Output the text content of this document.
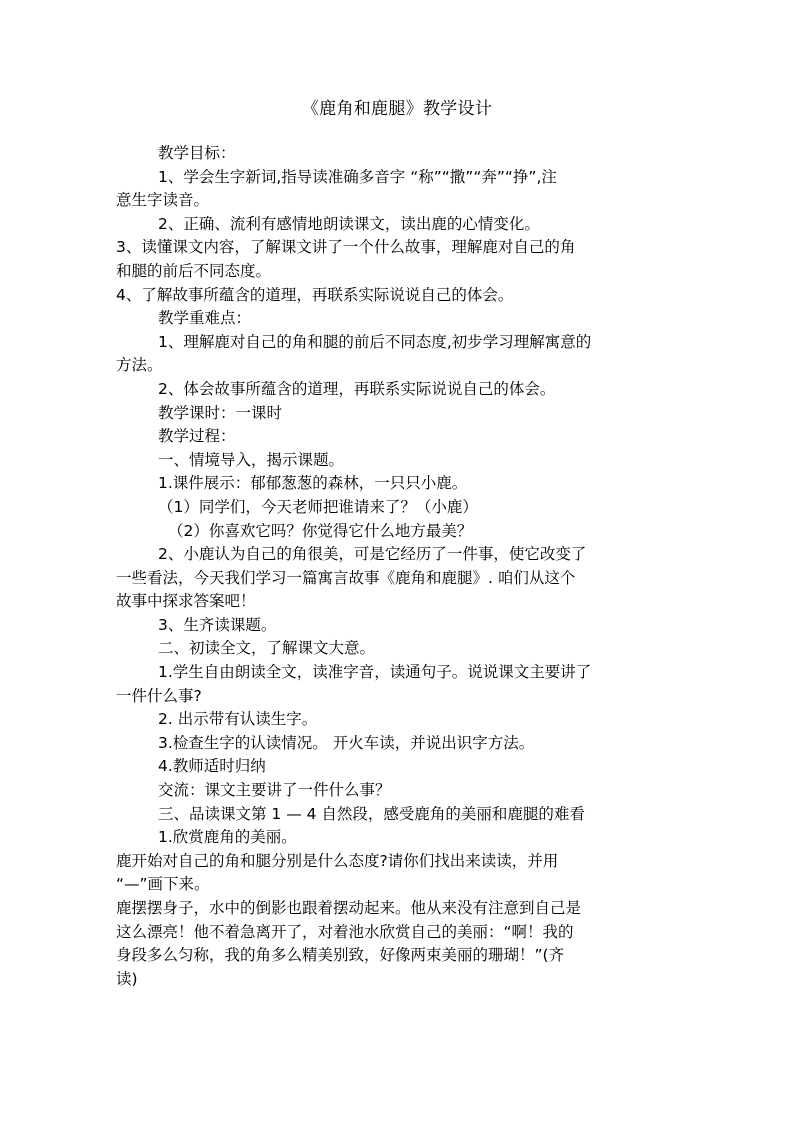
《鹿角和鹿腿》教学设计

教学目标：

1、学会生字新词,指导读准确多音字 “称”“撒”“奔”“挣”,注

意生字读音。

2、正确、流利有感情地朗读课文，读出鹿的心情变化。

3、读懂课文内容，了解课文讲了一个什么故事，理解鹿对自己的角

和腿的前后不同态度。

4、了解故事所蕴含的道理，再联系实际说说自己的体会。

教学重难点：

1、理解鹿对自己的角和腿的前后不同态度,初步学习理解寓意的

方法。

2、体会故事所蕴含的道理，再联系实际说说自己的体会。

教学课时：一课时

教学过程：

一、情境导入，揭示课题。

1.课件展示：郁郁葱葱的森林，一只只小鹿。

（1）同学们，今天老师把谁请来了？（小鹿）

（2）你喜欢它吗？你觉得它什么地方最美？

2、小鹿认为自己的角很美，可是它经历了一件事，使它改变了

一些看法，今天我们学习一篇寓言故事《鹿角和鹿腿》. 咱们从这个

故事中探求答案吧！

3、生齐读课题。

二、初读全文，了解课文大意。

1.学生自由朗读全文，读准字音，读通句子。说说课文主要讲了

一件什么事?

2. 出示带有认读生字。

3.检查生字的认读情况。 开火车读，并说出识字方法。

4.教师适时归纳

交流：课文主要讲了一件什么事？

三、品读课文第 1 — 4 自然段，感受鹿角的美丽和鹿腿的难看

1.欣赏鹿角的美丽。

鹿开始对自己的角和腿分别是什么态度?请你们找出来读读，并用

“—”画下来。

鹿摆摆身子，水中的倒影也跟着摆动起来。他从来没有注意到自己是

这么漂亮！他不着急离开了，对着池水欣赏自己的美丽：“啊！我的

身段多么匀称，我的角多么精美别致，好像两束美丽的珊瑚！”(齐

读)
